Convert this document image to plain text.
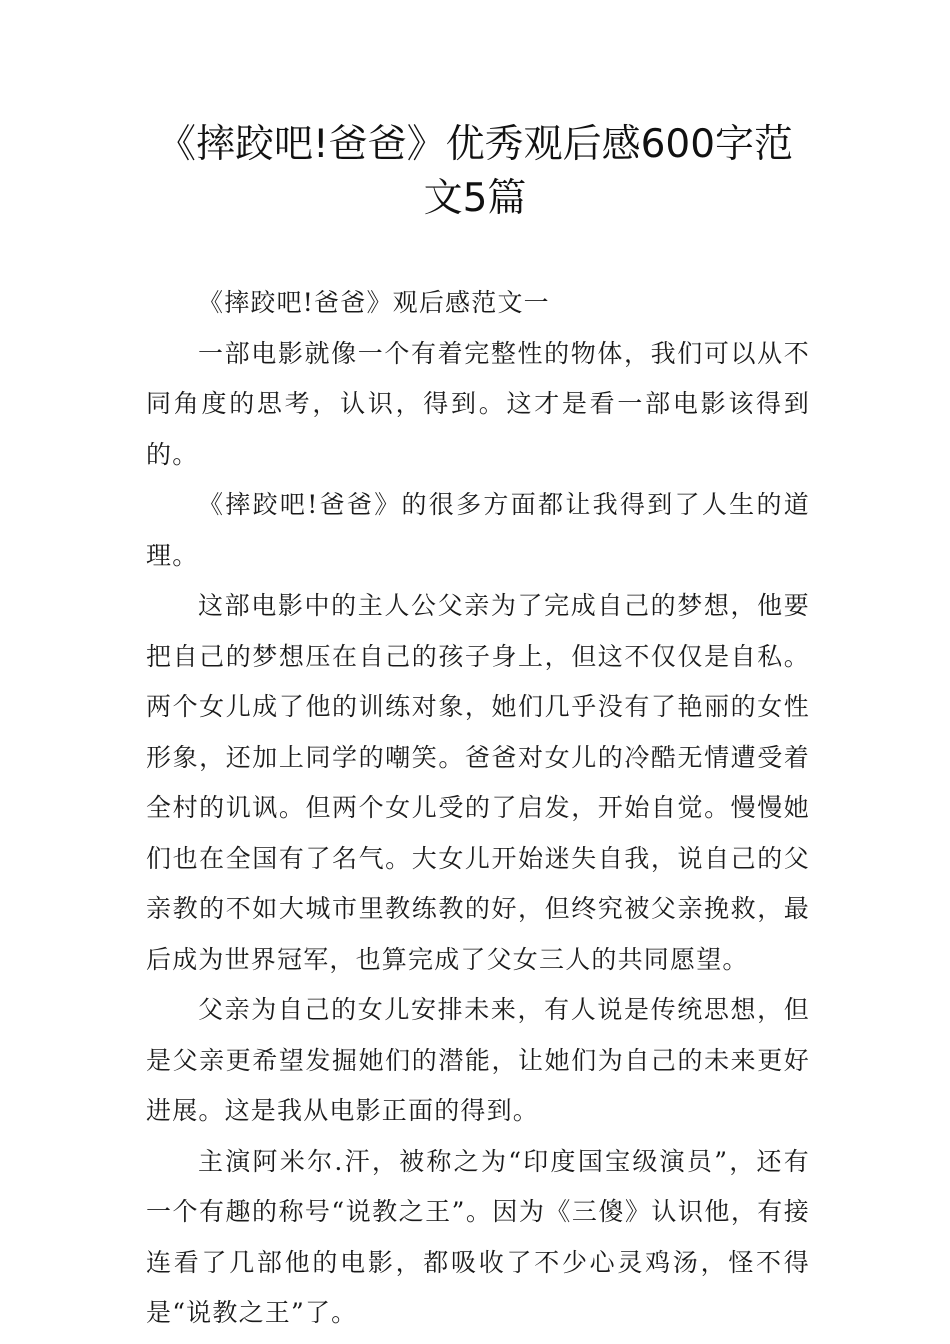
《摔跤吧!爸爸》优秀观后感600字范
文5篇

《摔跤吧!爸爸》观后感范文一

一部电影就像一个有着完整性的物体，我们可以从不同角度的思考，认识，得到。这才是看一部电影该得到的。

《摔跤吧!爸爸》的很多方面都让我得到了人生的道理。

这部电影中的主人公父亲为了完成自己的梦想，他要把自己的梦想压在自己的孩子身上，但这不仅仅是自私。两个女儿成了他的训练对象，她们几乎没有了艳丽的女性形象，还加上同学的嘲笑。爸爸对女儿的冷酷无情遭受着全村的讥讽。但两个女儿受的了启发，开始自觉。慢慢她们也在全国有了名气。大女儿开始迷失自我，说自己的父亲教的不如大城市里教练教的好，但终究被父亲挽救，最后成为世界冠军，也算完成了父女三人的共同愿望。

父亲为自己的女儿安排未来，有人说是传统思想，但是父亲更希望发掘她们的潜能，让她们为自己的未来更好进展。这是我从电影正面的得到。

主演阿米尔.汗，被称之为“印度国宝级演员”，还有一个有趣的称号“说教之王”。因为《三傻》认识他，有接连看了几部他的电影，都吸收了不少心灵鸡汤，怪不得是“说教之王”了。
